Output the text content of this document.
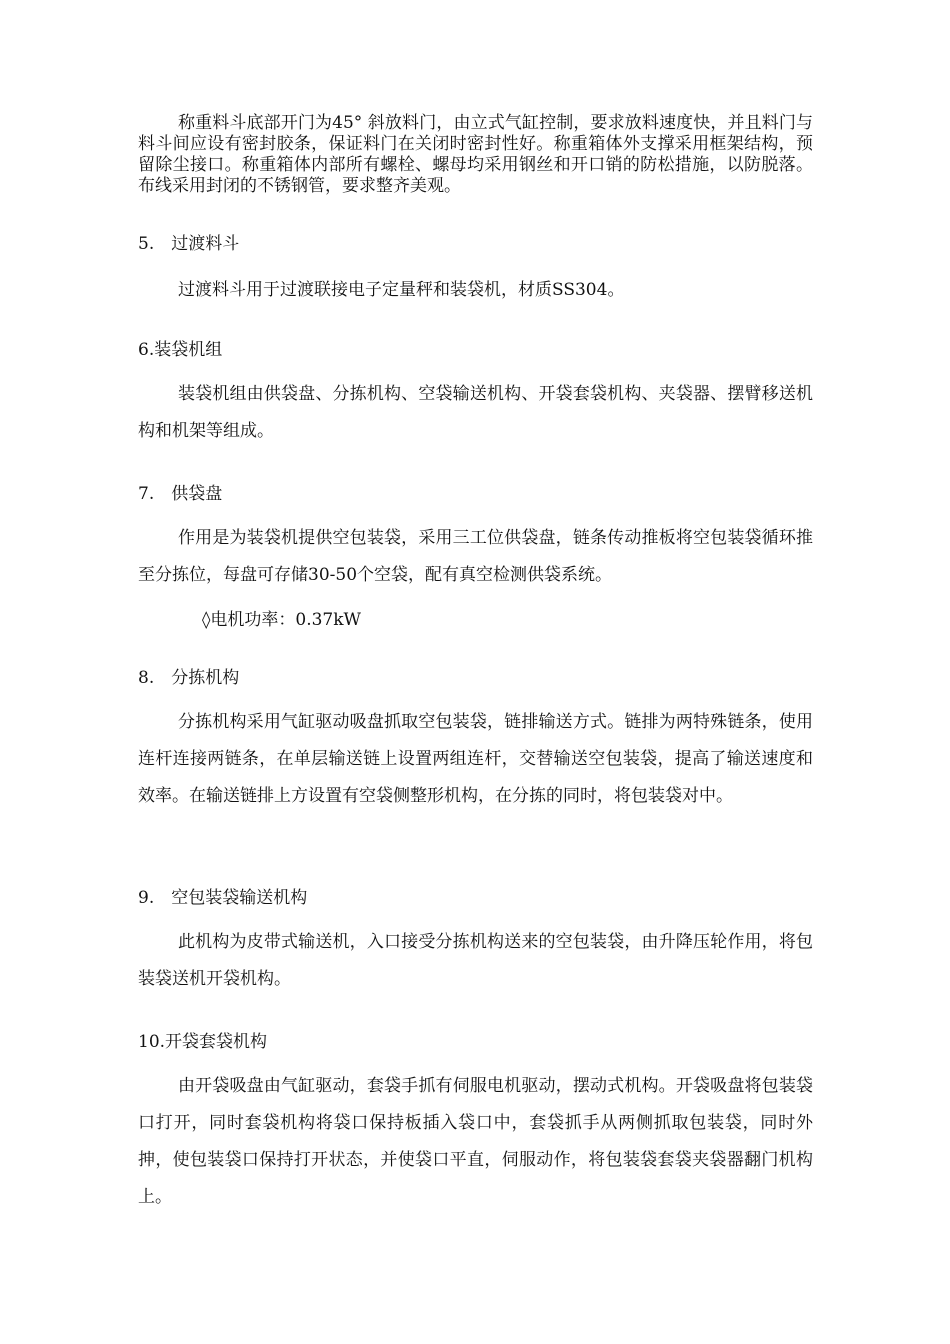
称重料斗底部开门为45° 斜放料门，由立式气缸控制，要求放料速度快，并且料门与料斗间应设有密封胶条，保证料门在关闭时密封性好。称重箱体外支撑采用框架结构，预留除尘接口。称重箱体内部所有螺栓、螺母均采用钢丝和开口销的防松措施，以防脱落。布线采用封闭的不锈钢管，要求整齐美观。

5.　过渡料斗

过渡料斗用于过渡联接电子定量秤和装袋机，材质SS304。

6.装袋机组

装袋机组由供袋盘、分拣机构、空袋输送机构、开袋套袋机构、夹袋器、摆臂移送机构和机架等组成。

7.　供袋盘

作用是为装袋机提供空包装袋，采用三工位供袋盘，链条传动推板将空包装袋循环推至分拣位，每盘可存储30-50个空袋，配有真空检测供袋系统。

◊电机功率：0.37kW

8.　分拣机构

分拣机构采用气缸驱动吸盘抓取空包装袋，链排输送方式。链排为两特殊链条，使用连杆连接两链条，在单层输送链上设置两组连杆，交替输送空包装袋，提高了输送速度和效率。在输送链排上方设置有空袋侧整形机构，在分拣的同时，将包装袋对中。

9.　空包装袋输送机构

此机构为皮带式输送机，入口接受分拣机构送来的空包装袋，由升降压轮作用，将包装袋送机开袋机构。

10.开袋套袋机构

由开袋吸盘由气缸驱动，套袋手抓有伺服电机驱动，摆动式机构。开袋吸盘将包装袋口打开，同时套袋机构将袋口保持板插入袋口中，套袋抓手从两侧抓取包装袋，同时外抻，使包装袋口保持打开状态，并使袋口平直，伺服动作，将包装袋套袋夹袋器翻门机构上。
